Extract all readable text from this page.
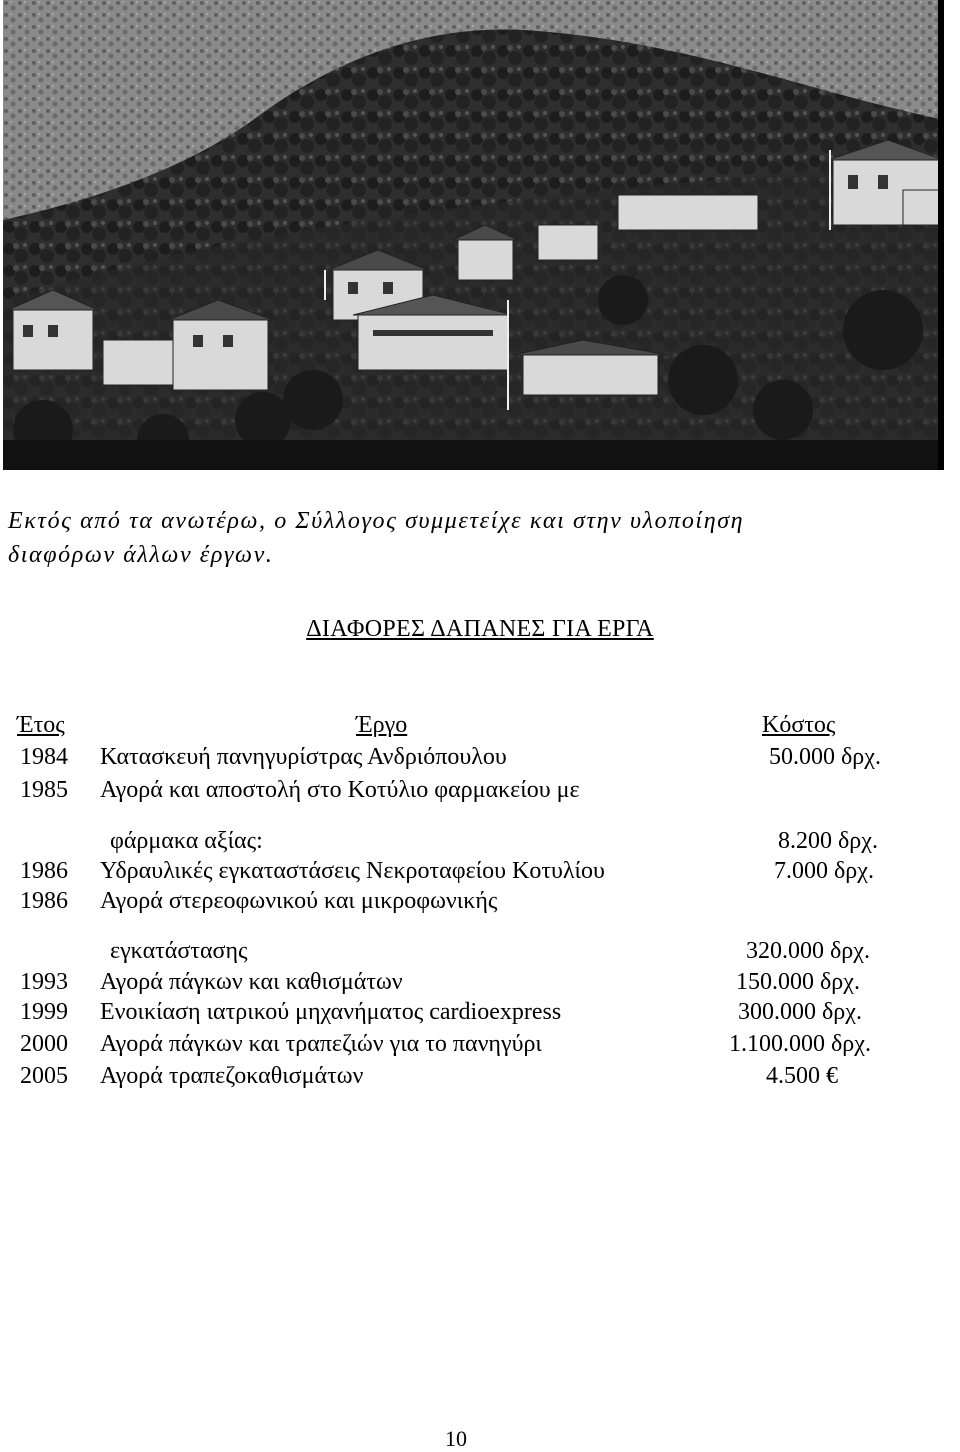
Εκτός από τα ανωτέρω, ο Σύλλογος συμμετείχε και στην υλοποίηση
διαφόρων άλλων έργων.
ΔΙΑΦΟΡΕΣ ΔΑΠΑΝΕΣ ΓΙΑ ΕΡΓΑ
Έτος	Έργο	Κόστος
1984 Κατασκευή πανηγυρίστρας Ανδριόπουλου	50.000 δρχ.
1985 Αγορά και αποστολή στο Κοτύλιο φαρμακείου με
φάρμακα αξίας:	8.200 δρχ.
1986 Υδραυλικές εγκαταστάσεις Νεκροταφείου Κοτυλίου	7.000 δρχ.
1986 Αγορά στερεοφωνικού και μικροφωνικής
εγκατάστασης	320.000 δρχ.
1993 Αγορά πάγκων και καθισμάτων	150.000 δρχ.
1999 Ενοικίαση ιατρικού μηχανήματος cardioexpress	300.000 δρχ.
2000 Αγορά πάγκων και τραπεζιών για το πανηγύρι	1.100.000 δρχ.
2005 Αγορά τραπεζοκαθισμάτων	4.500 €
10
